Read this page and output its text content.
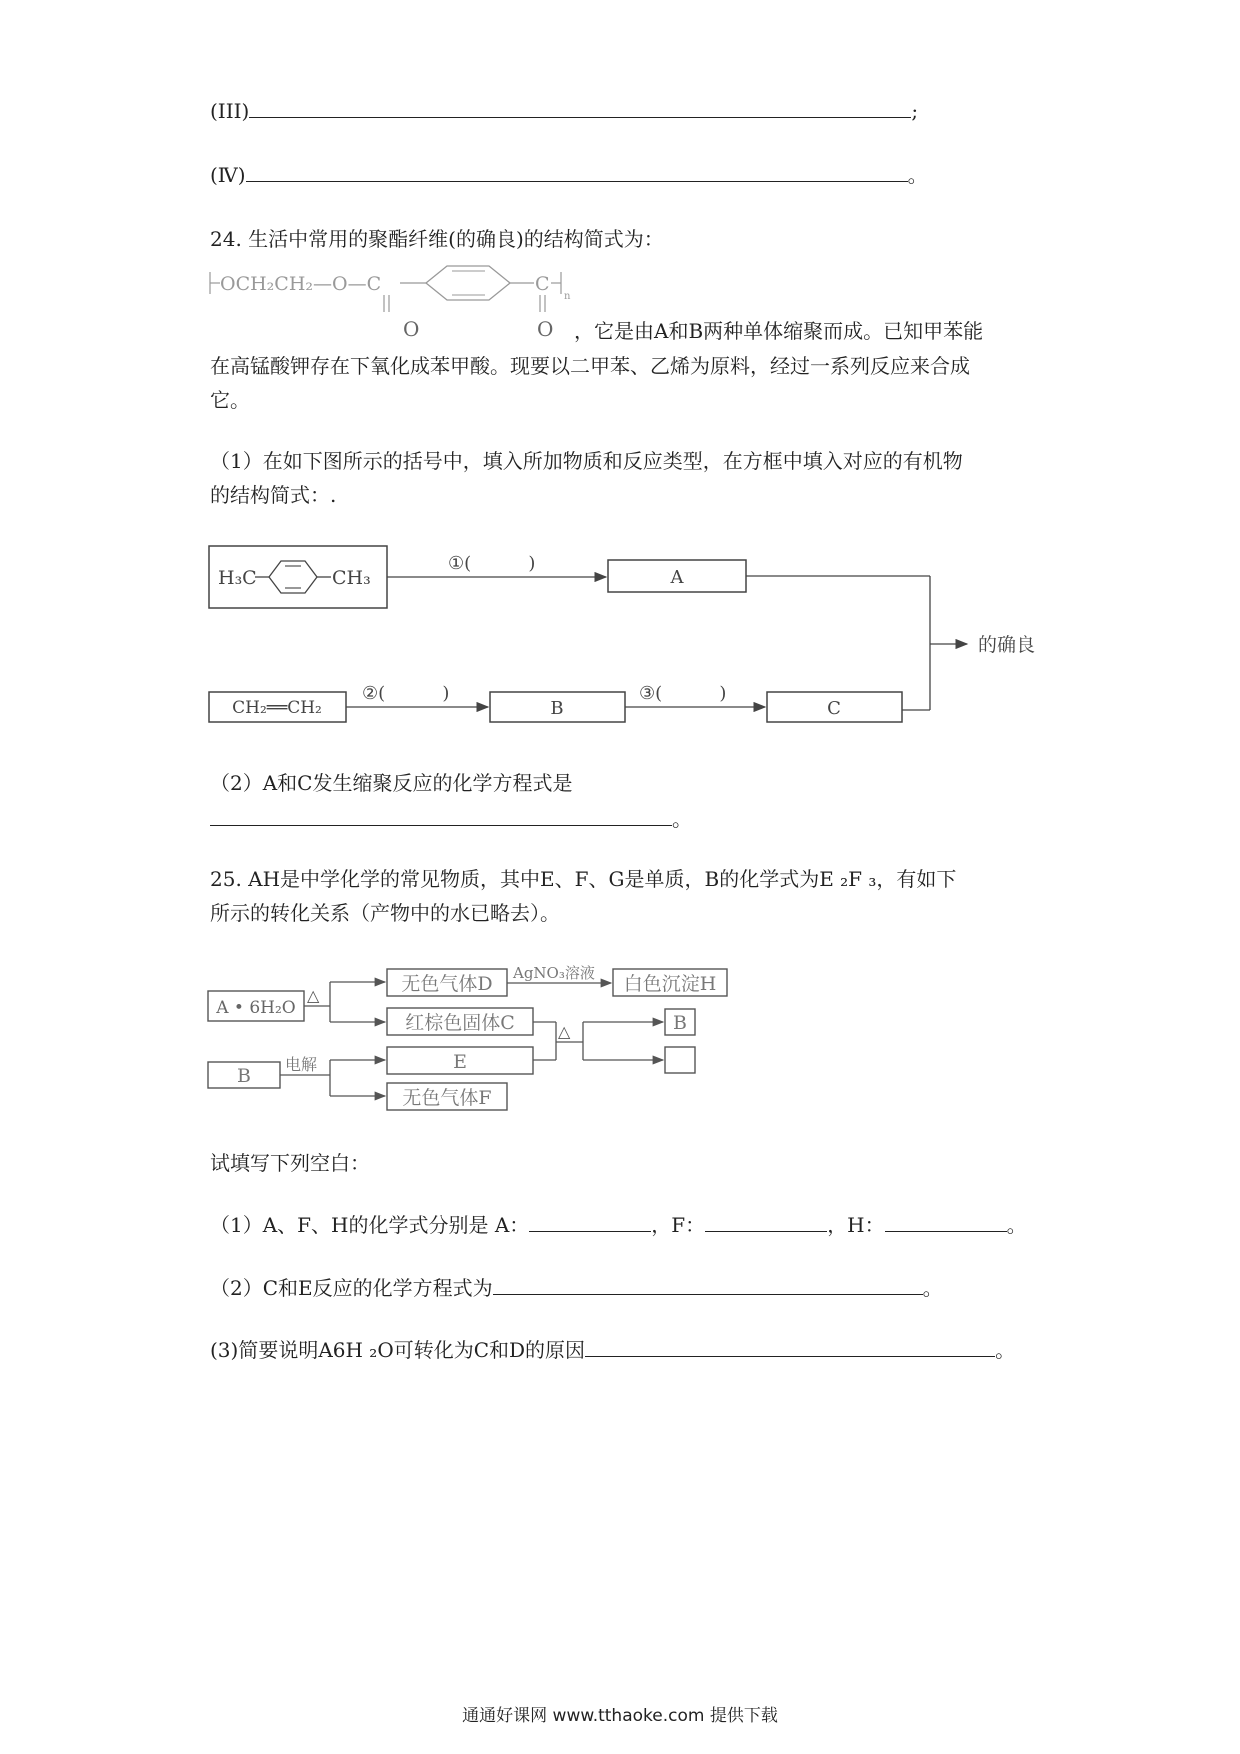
(III)	;
(Ⅳ)	。
24. 生活中常用的聚酯纤维(的确良)的结构简式为：
OCH₂CH₂—O—C	C
n
O	O ，它是由A和B两种单体缩聚而成。已知甲苯能
在高锰酸钾存在下氧化成苯甲酸。现要以二甲苯、乙烯为原料，经过一系列反应来合成
它。
（1）在如下图所示的括号中，填入所加物质和反应类型，在方框中填入对应的有机物
的结构简式：.
H₃C	CH₃
①(          )
A
的确良
CH₂══CH₂
②(          )
B
③(          )
C
（2）A和C发生缩聚反应的化学方程式是
。
25. AH是中学化学的常见物质，其中E、F、G是单质，B的化学式为E ₂F ₃，有如下
所示的转化关系（产物中的水已略去）。
A • 6H₂O
△
无色气体D AgNO₃溶液 白色沉淀H
红棕色固体C	△	B
B
电解	E
无色气体F
试填写下列空白：
（1）A、F、H的化学式分别是 A：	，F：	，H：	。
（2）C和E反应的化学方程式为	。
(3)简要说明A6H ₂O可转化为C和D的原因	。
通通好课网 www.tthaoke.com 提供下载
